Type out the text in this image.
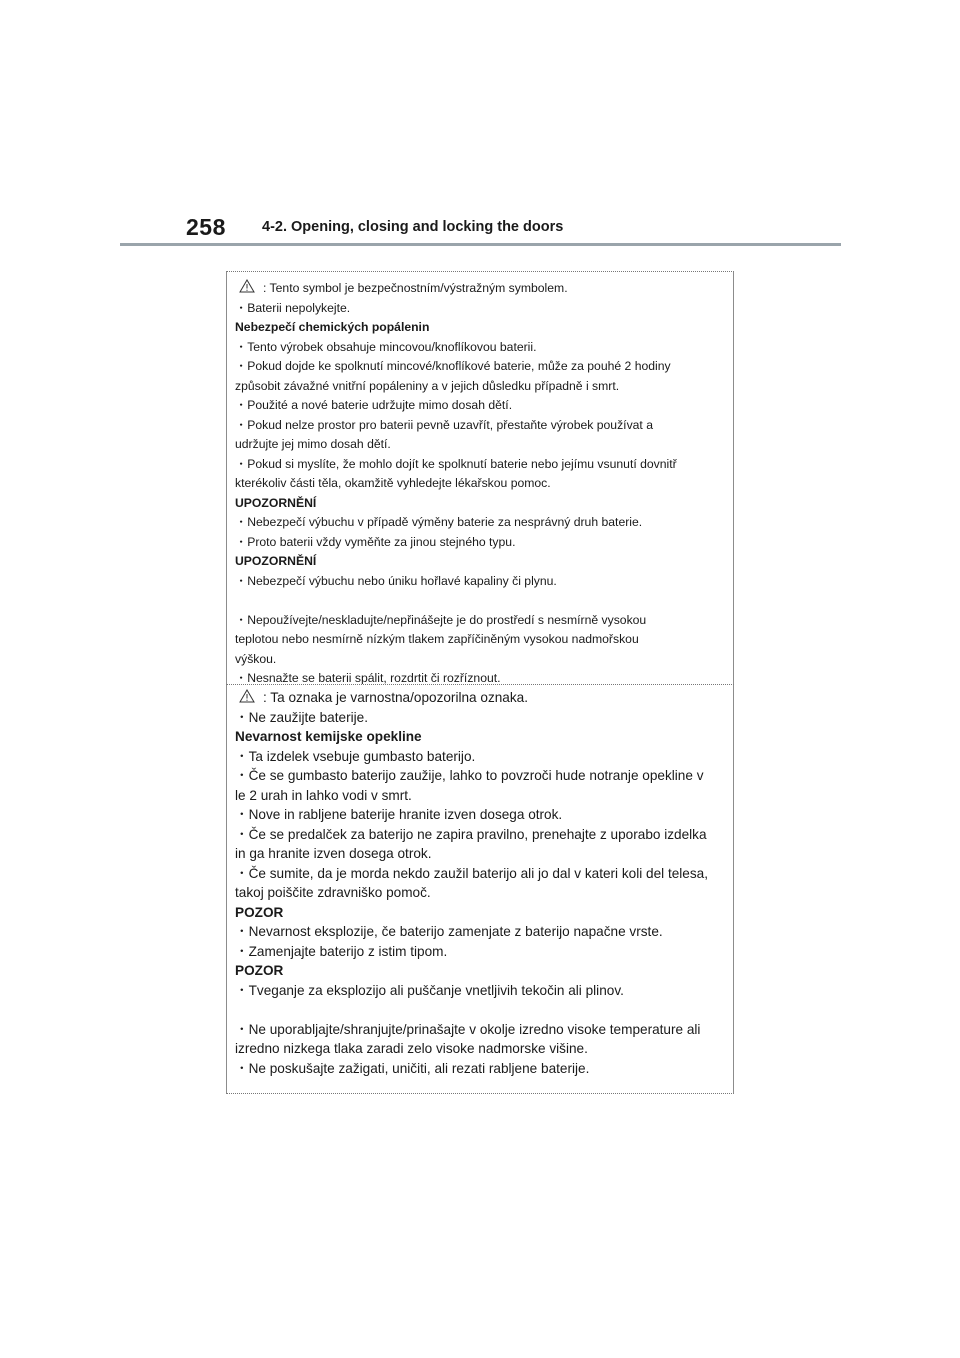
258 4-2. Opening, closing and locking the doors
: Tento symbol je bezpečnostním/výstražným symbolem.
・ Baterii nepolykejte.
Nebezpečí chemických popálenin
・ Tento výrobek obsahuje mincovou/knoflíkovou baterii.
・ Pokud dojde ke spolknutí mincové/knoflíkové baterie, může za pouhé 2 hodiny
způsobit závažné vnitřní popáleniny a v jejich důsledku případně i smrt.
・ Použité a nové baterie udržujte mimo dosah dětí.
・ Pokud nelze prostor pro baterii pevně uzavřít, přestaňte výrobek používat a
udržujte jej mimo dosah dětí.
・ Pokud si myslíte, že mohlo dojít ke spolknutí baterie nebo jejímu vsunutí dovnitř
kterékoliv části těla, okamžitě vyhledejte lékařskou pomoc.
UPOZORNĚNÍ
・ Nebezpečí výbuchu v případě výměny baterie za nesprávný druh baterie.
・ Proto baterii vždy vyměňte za jinou stejného typu.
UPOZORNĚNÍ
・ Nebezpečí výbuchu nebo úniku hořlavé kapaliny či plynu.
・ Nepoužívejte/neskladujte/nepřinášejte je do prostředí s nesmírně vysokou
teplotou nebo nesmírně nízkým tlakem zapříčiněným vysokou nadmořskou
výškou.
・ Nesnažte se baterii spálit, rozdrtit či rozříznout.
: Ta oznaka je varnostna/opozorilna oznaka.
・ Ne zaužijte baterije.
Nevarnost kemijske opekline
・ Ta izdelek vsebuje gumbasto baterijo.
・ Če se gumbasto baterijo zaužije, lahko to povzroči hude notranje opekline v
le 2 urah in lahko vodi v smrt.
・ Nove in rabljene baterije hranite izven dosega otrok.
・ Če se predalček za baterijo ne zapira pravilno, prenehajte z uporabo izdelka
in ga hranite izven dosega otrok.
・ Če sumite, da je morda nekdo zaužil baterijo ali jo dal v kateri koli del telesa,
takoj poiščite zdravniško pomoč.
POZOR
・ Nevarnost eksplozije, če baterijo zamenjate z baterijo napačne vrste.
・ Zamenjajte baterijo z istim tipom.
POZOR
・ Tveganje za eksplozijo ali puščanje vnetljivih tekočin ali plinov.
・ Ne uporabljajte/shranjujte/prinašajte v okolje izredno visoke temperature ali
izredno nizkega tlaka zaradi zelo visoke nadmorske višine.
・ Ne poskušajte zažigati, uničiti, ali rezati rabljene baterije.
